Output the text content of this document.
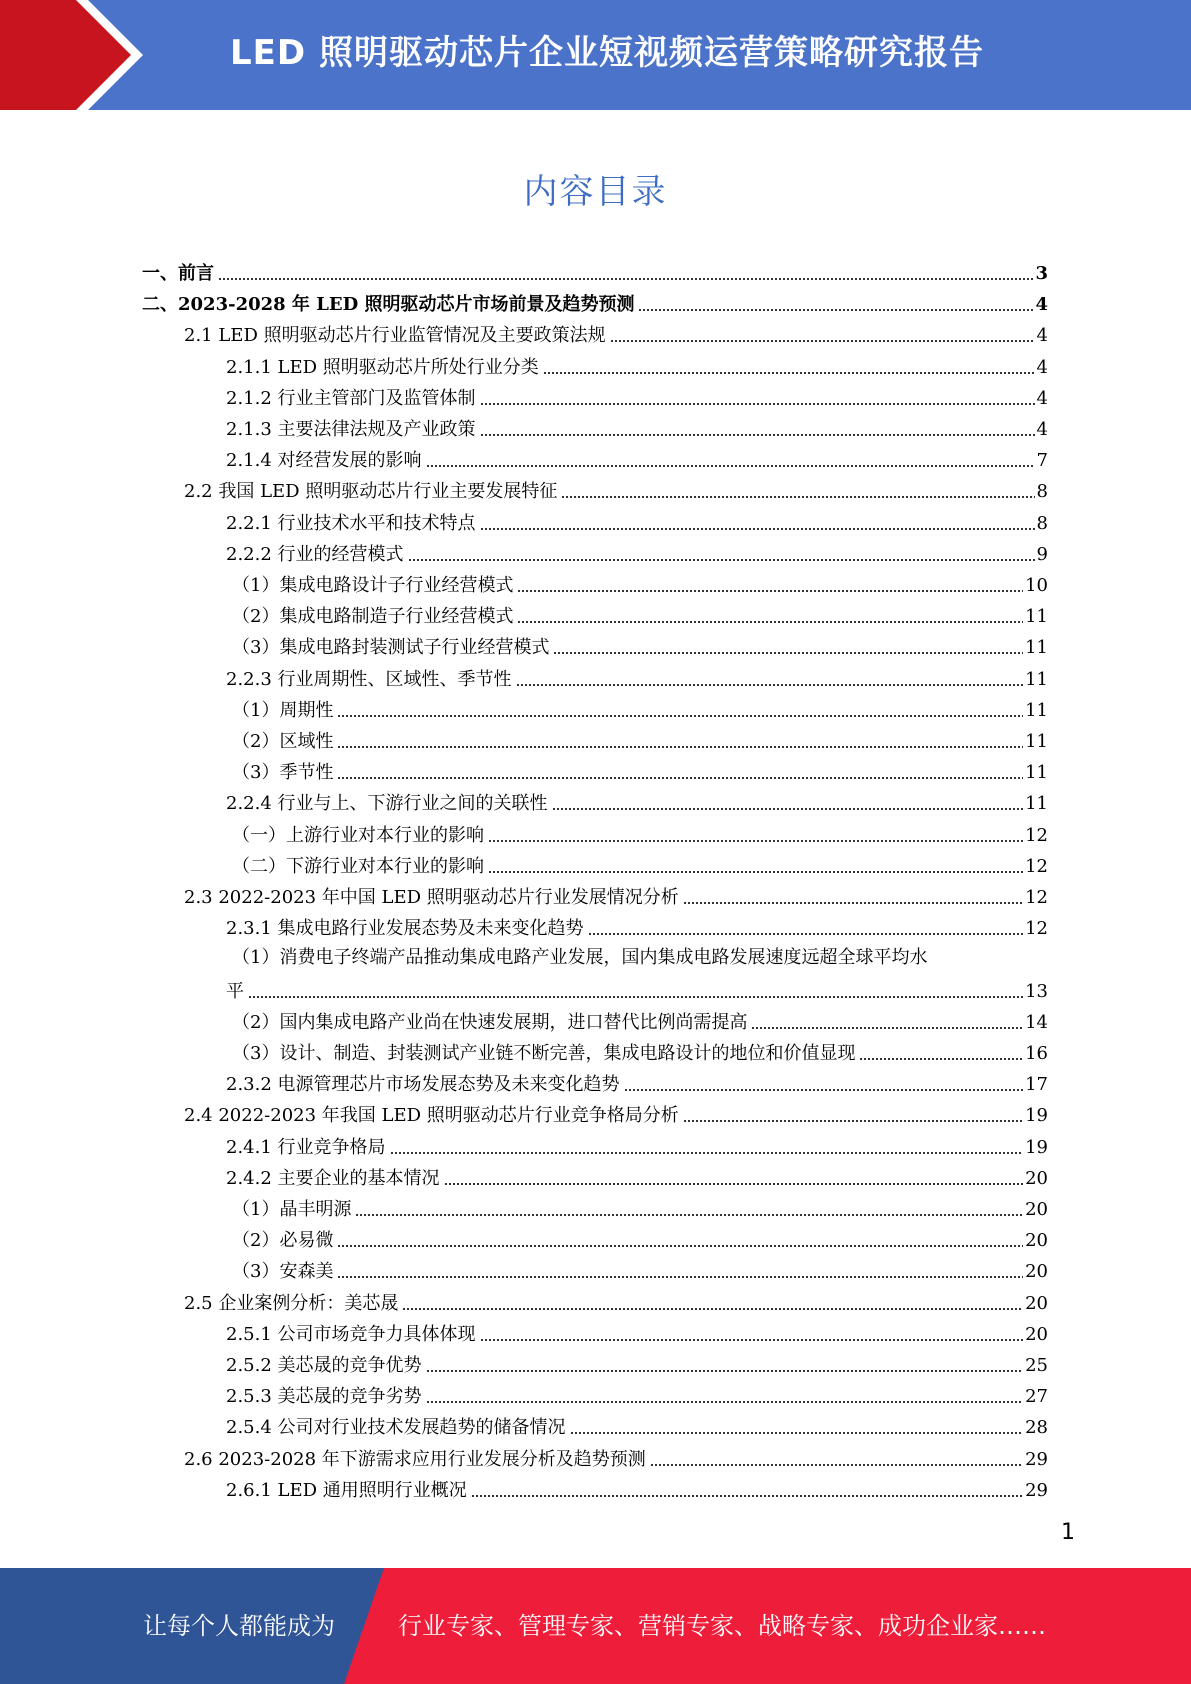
LED 照明驱动芯片企业短视频运营策略研究报告
内容目录
一、前言	3
二、2023-2028 年 LED 照明驱动芯片市场前景及趋势预测	4
2.1 LED 照明驱动芯片行业监管情况及主要政策法规	4
2.1.1 LED 照明驱动芯片所处行业分类	4
2.1.2 行业主管部门及监管体制	4
2.1.3 主要法律法规及产业政策	4
2.1.4 对经营发展的影响	7
2.2 我国 LED 照明驱动芯片行业主要发展特征	8
2.2.1 行业技术水平和技术特点	8
2.2.2 行业的经营模式	9
（1）集成电路设计子行业经营模式	10
（2）集成电路制造子行业经营模式	11
（3）集成电路封装测试子行业经营模式	11
2.2.3 行业周期性、区域性、季节性	11
（1）周期性	11
（2）区域性	11
（3）季节性	11
2.2.4 行业与上、下游行业之间的关联性	11
（一）上游行业对本行业的影响	12
（二）下游行业对本行业的影响	12
2.3 2022-2023 年中国 LED 照明驱动芯片行业发展情况分析	12
2.3.1 集成电路行业发展态势及未来变化趋势	12
（1）消费电子终端产品推动集成电路产业发展，国内集成电路发展速度远超全球平均水
平	13
（2）国内集成电路产业尚在快速发展期，进口替代比例尚需提高	14
（3）设计、制造、封装测试产业链不断完善，集成电路设计的地位和价值显现	16
2.3.2 电源管理芯片市场发展态势及未来变化趋势	17
2.4 2022-2023 年我国 LED 照明驱动芯片行业竞争格局分析	19
2.4.1 行业竞争格局	19
2.4.2 主要企业的基本情况	20
（1）晶丰明源	20
（2）必易微	20
（3）安森美	20
2.5 企业案例分析：美芯晟	20
2.5.1 公司市场竞争力具体体现	20
2.5.2 美芯晟的竞争优势	25
2.5.3 美芯晟的竞争劣势	27
2.5.4 公司对行业技术发展趋势的储备情况	28
2.6 2023-2028 年下游需求应用行业发展分析及趋势预测	29
2.6.1 LED 通用照明行业概况	29
1
让每个人都能成为	行业专家、管理专家、营销专家、战略专家、成功企业家……
